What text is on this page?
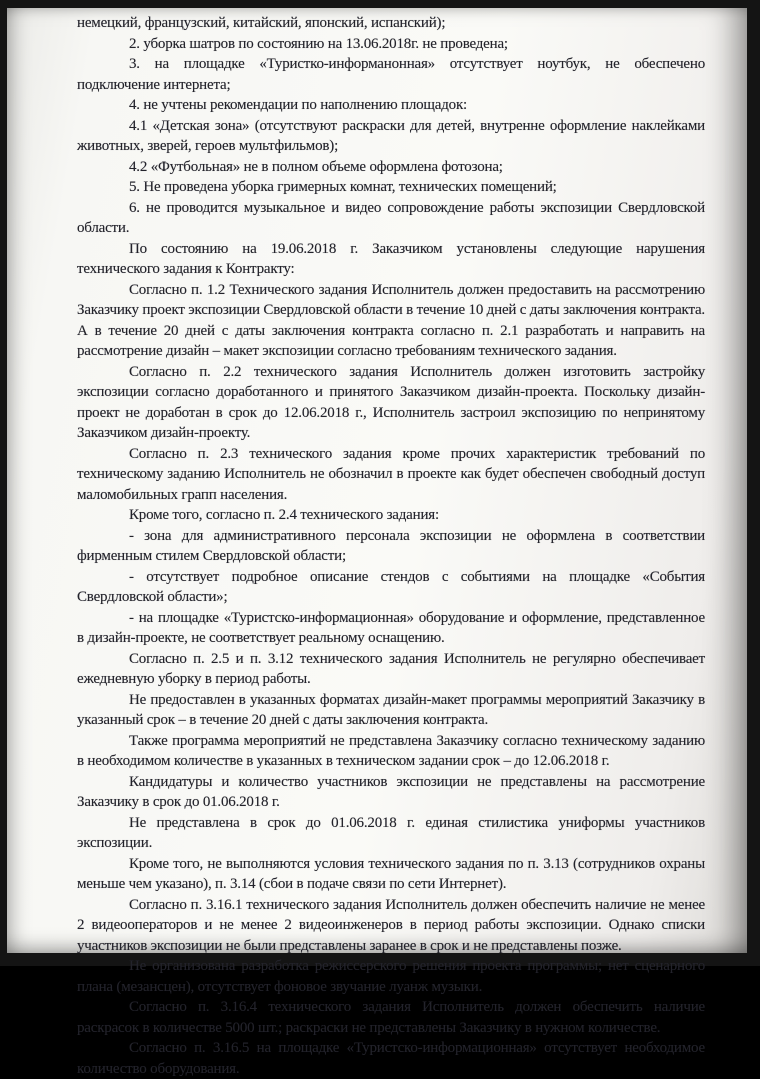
немецкий, французский, китайский, японский, испанский);

2. уборка шатров по состоянию на 13.06.2018г. не проведена;

3. на площадке «Туристко-информанонная» отсутствует ноутбук, не обеспечено подключение интернета;

4. не учтены рекомендации по наполнению площадок:

4.1 «Детская зона» (отсутствуют раскраски для детей, внутренне оформление наклейками животных, зверей, героев мультфильмов);

4.2 «Футбольная» не в полном объеме оформлена фотозона;

5. Не проведена уборка гримерных комнат, технических помещений;

6. не проводится музыкальное и видео сопровождение работы экспозиции Свердловской области.

По состоянию на 19.06.2018 г. Заказчиком установлены следующие нарушения технического задания к Контракту:

Согласно п. 1.2 Технического задания Исполнитель должен предоставить на рассмотрению Заказчику проект экспозиции Свердловской области в течение 10 дней с даты заключения контракта. А в течение 20 дней с даты заключения контракта согласно п. 2.1 разработать и направить на рассмотрение дизайн – макет экспозиции согласно требованиям технического задания.

Согласно п. 2.2 технического задания Исполнитель должен изготовить застройку экспозиции согласно доработанного и принятого Заказчиком дизайн-проекта. Поскольку дизайн-проект не доработан в срок до 12.06.2018 г., Исполнитель застроил экспозицию по непринятому Заказчиком дизайн-проекту.

Согласно п. 2.3 технического задания кроме прочих характеристик требований по техническому заданию Исполнитель не обозначил в проекте как будет обеспечен свободный доступ маломобильных грапп населения.

Кроме того, согласно п. 2.4 технического задания:

- зона для административного персонала экспозиции не оформлена в соответствии фирменным стилем Свердловской области;

- отсутствует подробное описание стендов с событиями на площадке «События Свердловской области»;

- на площадке «Туристско-информационная» оборудование и оформление, представленное в дизайн-проекте, не соответствует реальному оснащению.

Согласно п. 2.5 и п. 3.12 технического задания Исполнитель не регулярно обеспечивает ежедневную уборку в период работы.

Не предоставлен в указанных форматах дизайн-макет программы мероприятий Заказчику в указанный срок – в течение 20 дней с даты заключения контракта.

Также программа мероприятий не представлена Заказчику согласно техническому заданию в необходимом количестве в указанных в техническом задании срок – до 12.06.2018 г.

Кандидатуры и количество участников экспозиции не представлены на рассмотрение Заказчику в срок до 01.06.2018 г.

Не представлена в срок до 01.06.2018 г. единая стилистика униформы участников экспозиции.

Кроме того, не выполняются условия технического задания по п. 3.13 (сотрудников охраны меньше чем указано), п. 3.14 (сбои в подаче связи по сети Интернет).

Согласно п. 3.16.1 технического задания Исполнитель должен обеспечить наличие не менее 2 видеооператоров и не менее 2 видеоинженеров в период работы экспозиции. Однако списки участников экспозиции не были представлены заранее в срок и не представлены позже.

Не организована разработка режиссерского решения проекта программы; нет сценарного плана (мезансцен), отсутствует фоновое звучание луанж музыки.

Согласно п. 3.16.4 технического задания Исполнитель должен обеспечить наличие раскрасок в количестве 5000 шт.; раскраски не представлены Заказчику в нужном количестве.

Согласно п. 3.16.5 на площадке «Туристско-информационная» отсутствует необходимое количество оборудования.
